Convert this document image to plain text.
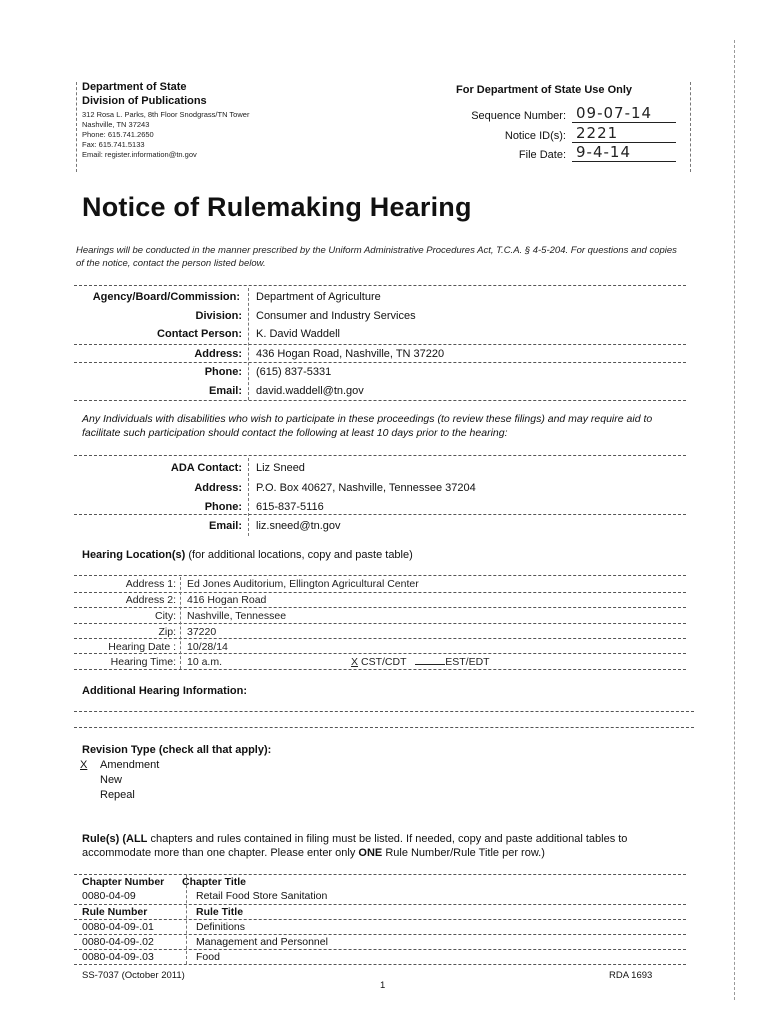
Department of State
Division of Publications
312 Rosa L. Parks, 8th Floor Snodgrass/TN Tower
Nashville, TN 37243
Phone: 615.741.2650
Fax: 615.741.5133
Email: register.information@tn.gov
For Department of State Use Only
Sequence Number: 09-07-14
Notice ID(s): 2221
File Date: 9-4-14
Notice of Rulemaking Hearing
Hearings will be conducted in the manner prescribed by the Uniform Administrative Procedures Act, T.C.A. § 4-5-204. For questions and copies of the notice, contact the person listed below.
Agency/Board/Commission: Department of Agriculture
Division: Consumer and Industry Services
Contact Person: K. David Waddell
Address: 436 Hogan Road, Nashville, TN 37220
Phone: (615) 837-5331
Email: david.waddell@tn.gov
Any Individuals with disabilities who wish to participate in these proceedings (to review these filings) and may require aid to facilitate such participation should contact the following at least 10 days prior to the hearing:
ADA Contact: Liz Sneed
Address: P.O. Box 40627, Nashville, Tennessee 37204
Phone: 615-837-5116
Email: liz.sneed@tn.gov
Hearing Location(s) (for additional locations, copy and paste table)
Address 1: Ed Jones Auditorium, Ellington Agricultural Center
Address 2: 416 Hogan Road
City: Nashville, Tennessee
Zip: 37220
Hearing Date : 10/28/14
Hearing Time: 10 a.m.	X CST/CDT	EST/EDT
Additional Hearing Information:
Revision Type (check all that apply):
X Amendment
New
Repeal
Rule(s) (ALL chapters and rules contained in filing must be listed. If needed, copy and paste additional tables to accommodate more than one chapter. Please enter only ONE Rule Number/Rule Title per row.)
Chapter Number Chapter Title
0080-04-09	Retail Food Store Sanitation
Rule Number	Rule Title
0080-04-09-.01	Definitions
0080-04-09-.02	Management and Personnel
0080-04-09-.03	Food
SS-7037 (October 2011)
1
RDA 1693
